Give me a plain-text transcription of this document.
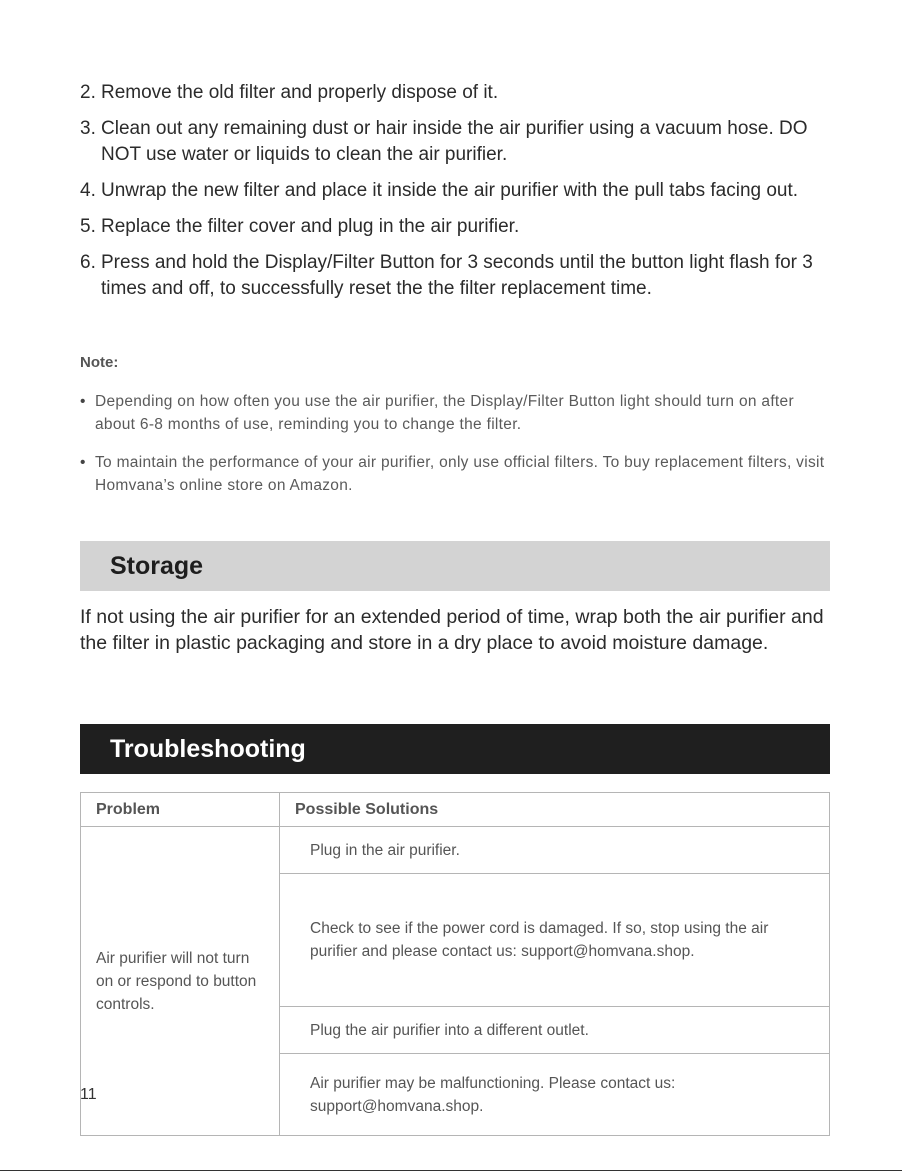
2. Remove the old filter and properly dispose of it.
3. Clean out any remaining dust or hair inside the air purifier using a vacuum hose. DO NOT use water or liquids to clean the air purifier.
4. Unwrap the new filter and place it inside the air purifier with the pull tabs facing out.
5. Replace the filter cover and plug in the air purifier.
6. Press and hold the Display/Filter Button for 3 seconds until the button light flash for 3 times and off, to successfully reset the the filter replacement time.
Note:
• Depending on how often you use the air purifier, the Display/Filter Button light should turn on after about 6-8 months of use, reminding you to change the filter.
• To maintain the performance of your air purifier, only use official filters. To buy replacement filters, visit Homvana’s online store on Amazon.
Storage
If not using the air purifier for an extended period of time, wrap both the air purifier and the filter in plastic packaging and store in a dry place to avoid moisture damage.
Troubleshooting
Problem	Possible Solutions
Air purifier will not turn on or respond to button controls.	Plug in the air purifier.
	Check to see if the power cord is damaged. If so, stop using the air purifier and please contact us: support@homvana.shop.
	Plug the air purifier into a different outlet.
	Air purifier may be malfunctioning. Please contact us: support@homvana.shop.
11
